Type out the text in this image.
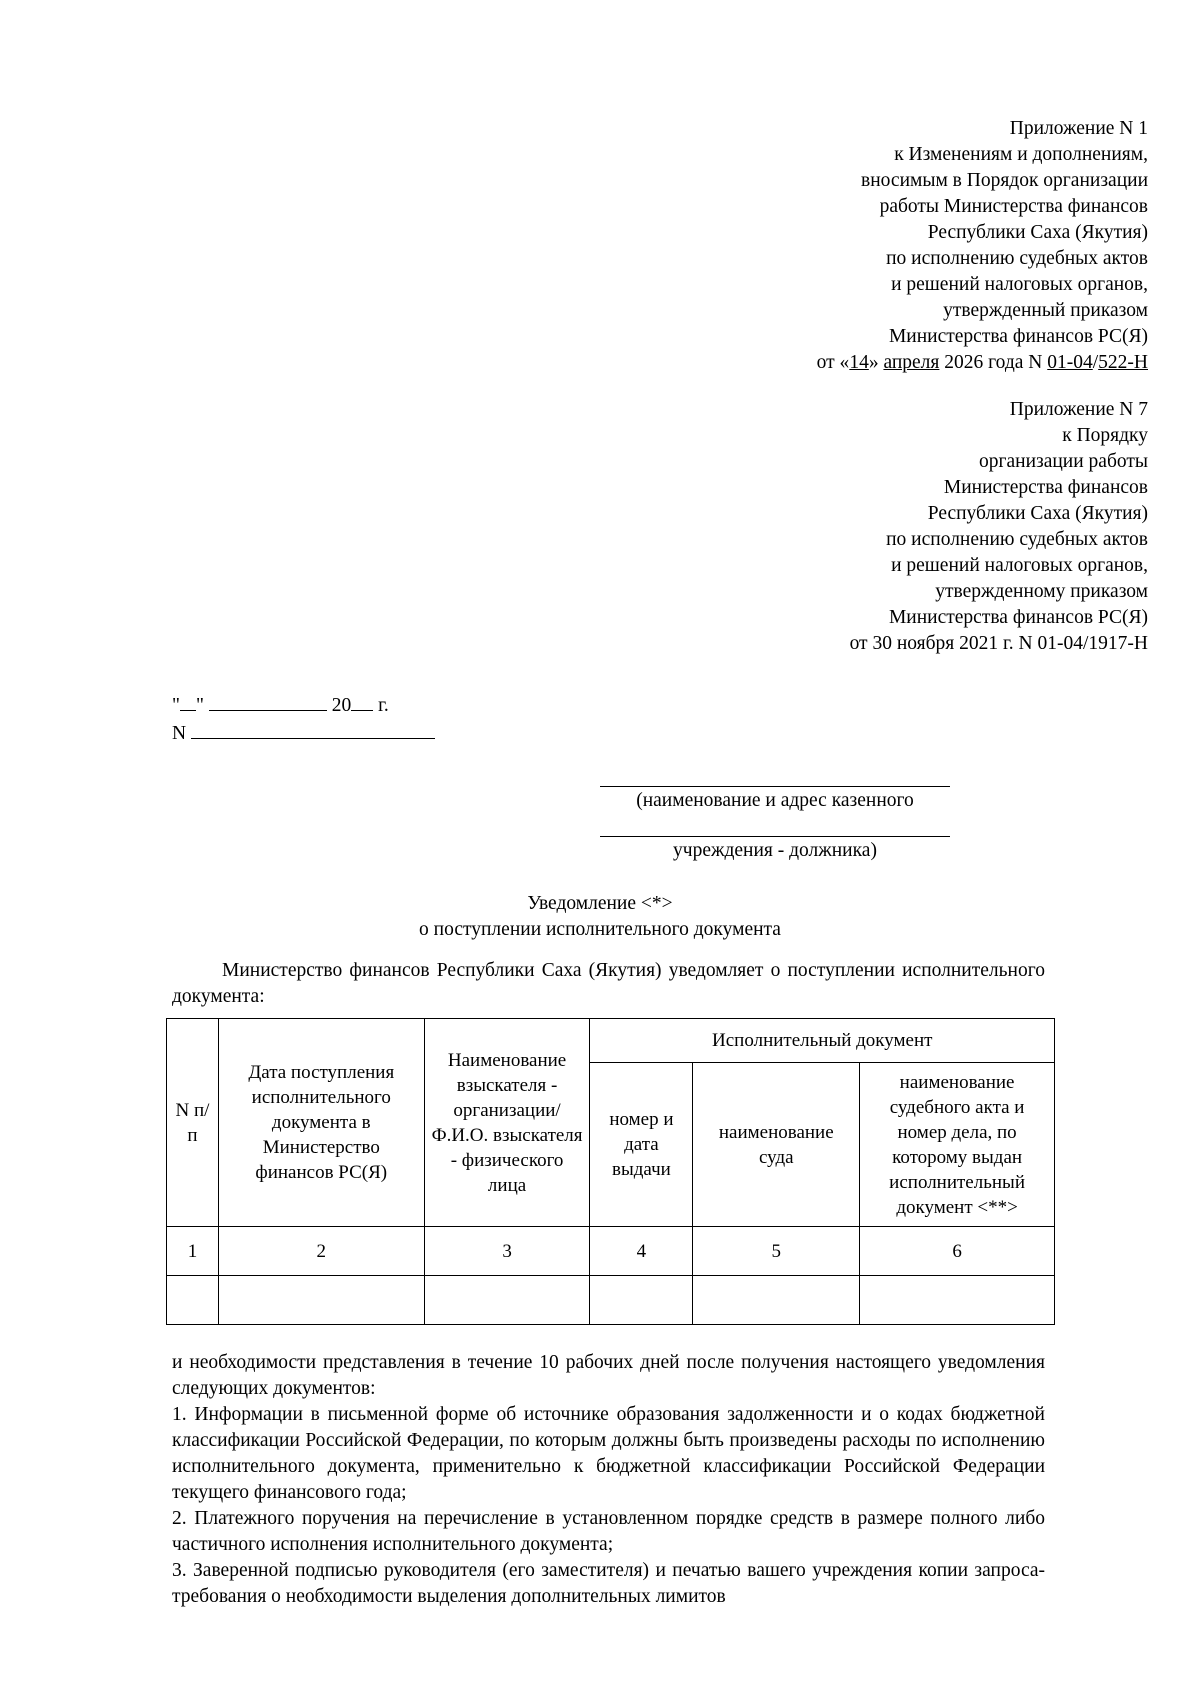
Приложение N 1
к Изменениям и дополнениям,
вносимым в Порядок организации
работы Министерства финансов
Республики Саха (Якутия)
по исполнению судебных актов
и решений налоговых органов,
утвержденный приказом
Министерства финансов РС(Я)
от «14» апреля 2026 года N 01-04/522-Н
Приложение N 7
к Порядку
организации работы
Министерства финансов
Республики Саха (Якутия)
по исполнению судебных актов
и решений налоговых органов,
утвержденному приказом
Министерства финансов РС(Я)
от 30 ноября 2021 г. N 01-04/1917-Н
" "	20 г.
N
(наименование и адрес казенного
учреждения - должника)
Уведомление <*>
о поступлении исполнительного документа
Министерство финансов Республики Саха (Якутия) уведомляет о поступлении исполнительного документа:
N п/п	Дата поступления исполнительного документа в Министерство финансов РС(Я)	Наименование взыскателя - организации/ Ф.И.О. взыскателя - физического лица	Исполнительный документ		
			номер и дата выдачи	наименование суда	наименование судебного акта и номер дела, по которому выдан исполнительный документ <**>
1	2	3	4	5	6

и необходимости представления в течение 10 рабочих дней после получения настоящего уведомления следующих документов:

1. Информации в письменной форме об источнике образования задолженности и о кодах бюджетной классификации Российской Федерации, по которым должны быть произведены расходы по исполнению исполнительного документа, применительно к бюджетной классификации Российской Федерации текущего финансового года;

2. Платежного поручения на перечисление в установленном порядке средств в размере полного либо частичного исполнения исполнительного документа;

3. Заверенной подписью руководителя (его заместителя) и печатью вашего учреждения копии запроса-требования о необходимости выделения дополнительных лимитов
